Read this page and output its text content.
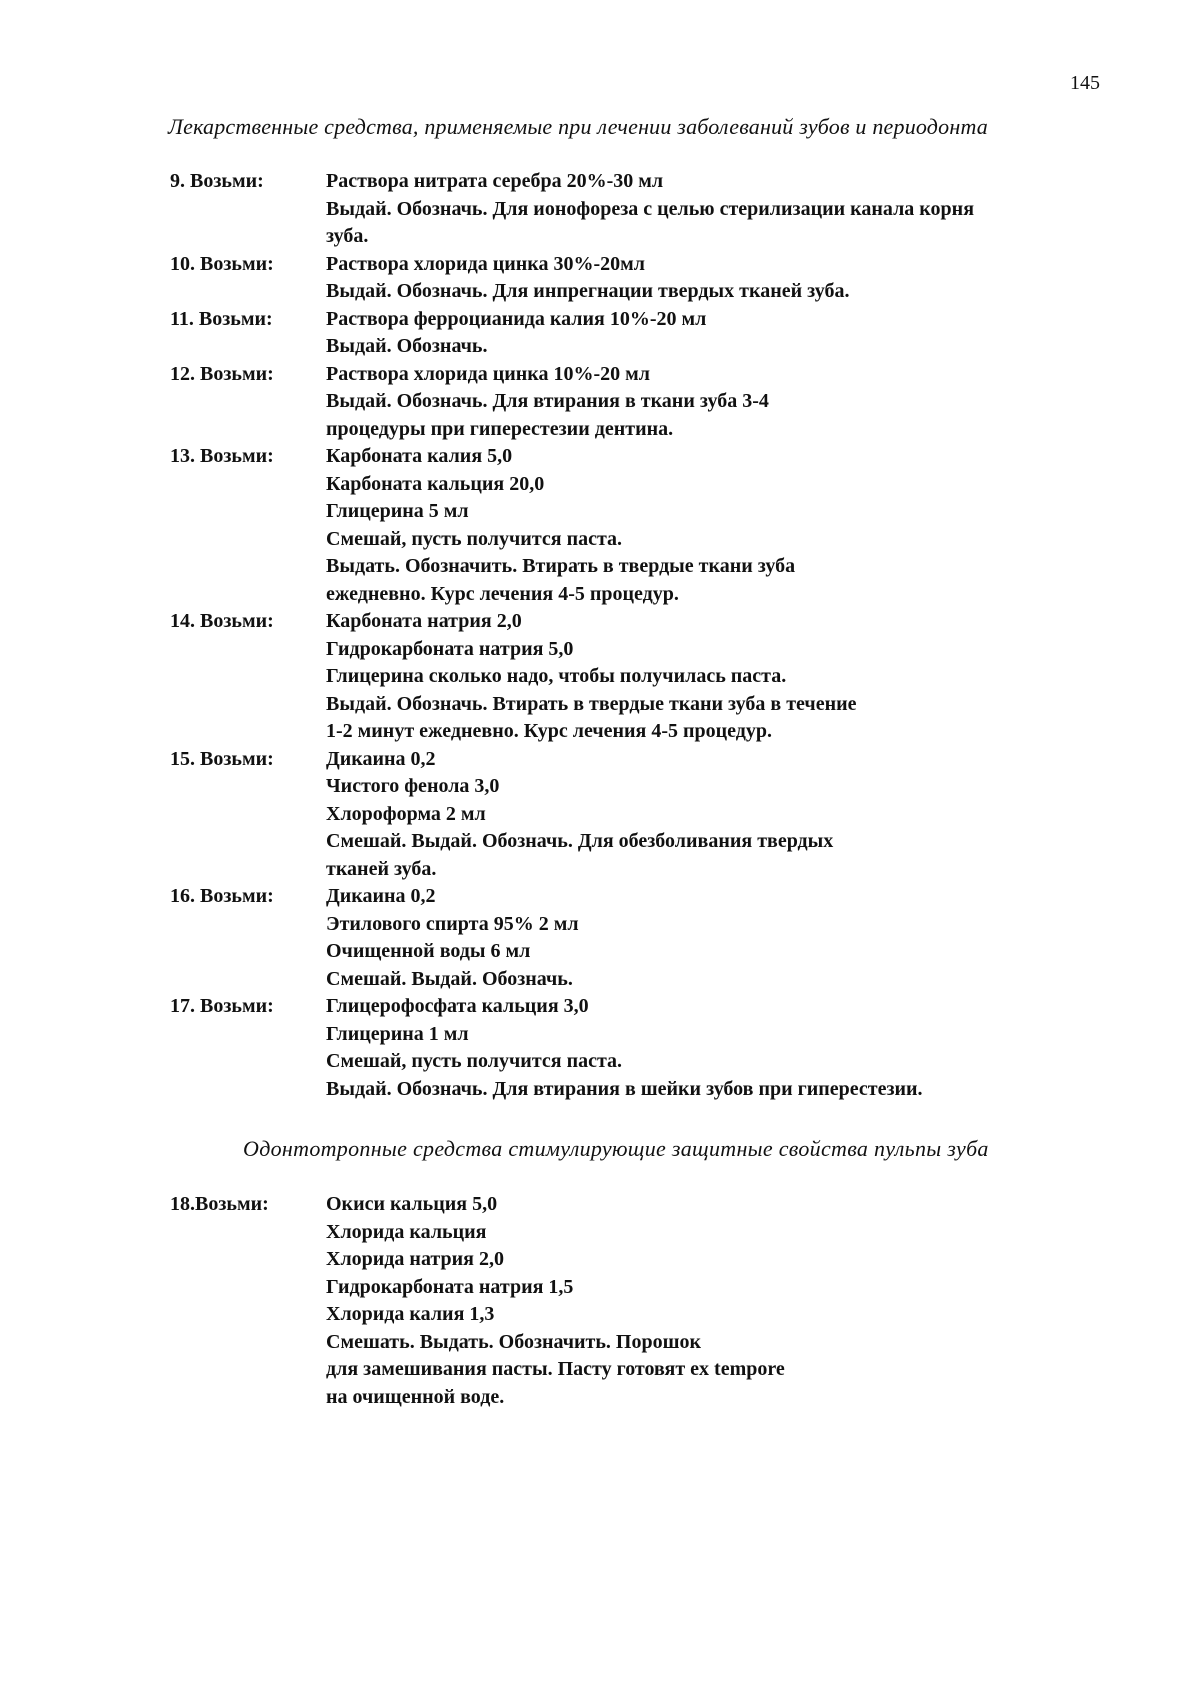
145
Лекарственные средства, применяемые при лечении заболеваний зубов и периодонта
9. Возьми:	Раствора нитрата серебра 20%-30 мл
Выдай. Обозначь. Для ионофореза с целью стерилизации канала корня
зуба.
10. Возьми:	Раствора хлорида цинка 30%-20мл
Выдай. Обозначь. Для инпрегнации твердых тканей зуба.
11. Возьми:	Раствора ферроцианида калия 10%-20 мл
Выдай. Обозначь.
12. Возьми:	Раствора хлорида цинка 10%-20 мл
Выдай. Обозначь. Для втирания в ткани зуба 3-4
процедуры при гиперестезии дентина.
13. Возьми:	Карбоната калия 5,0
Карбоната кальция 20,0
Глицерина 5 мл
Смешай, пусть получится паста.
Выдать. Обозначить. Втирать в твердые ткани зуба
ежедневно. Курс лечения 4-5 процедур.
14. Возьми:	Карбоната натрия 2,0
Гидрокарбоната натрия 5,0
Глицерина сколько надо, чтобы получилась паста.
Выдай. Обозначь. Втирать в твердые ткани зуба в течение
1-2 минут ежедневно. Курс лечения 4-5 процедур.
15. Возьми:	Дикаина 0,2
Чистого фенола 3,0
Хлороформа 2 мл
Смешай. Выдай. Обозначь. Для обезболивания твердых
тканей зуба.
16. Возьми:	Дикаина 0,2
Этилового спирта 95% 2 мл
Очищенной воды 6 мл
Смешай. Выдай. Обозначь.
17. Возьми:	Глицерофосфата кальция 3,0
Глицерина 1 мл
Смешай, пусть получится паста.
Выдай. Обозначь. Для втирания в шейки зубов при гиперестезии.
Одонтотропные средства стимулирующие защитные свойства пульпы зуба
18.Возьми:	Окиси кальция 5,0
Хлорида кальция
Хлорида натрия 2,0
Гидрокарбоната натрия 1,5
Хлорида калия 1,3
Смешать. Выдать. Обозначить. Порошок
для замешивания пасты. Пасту готовят ex tempore
на очищенной воде.
